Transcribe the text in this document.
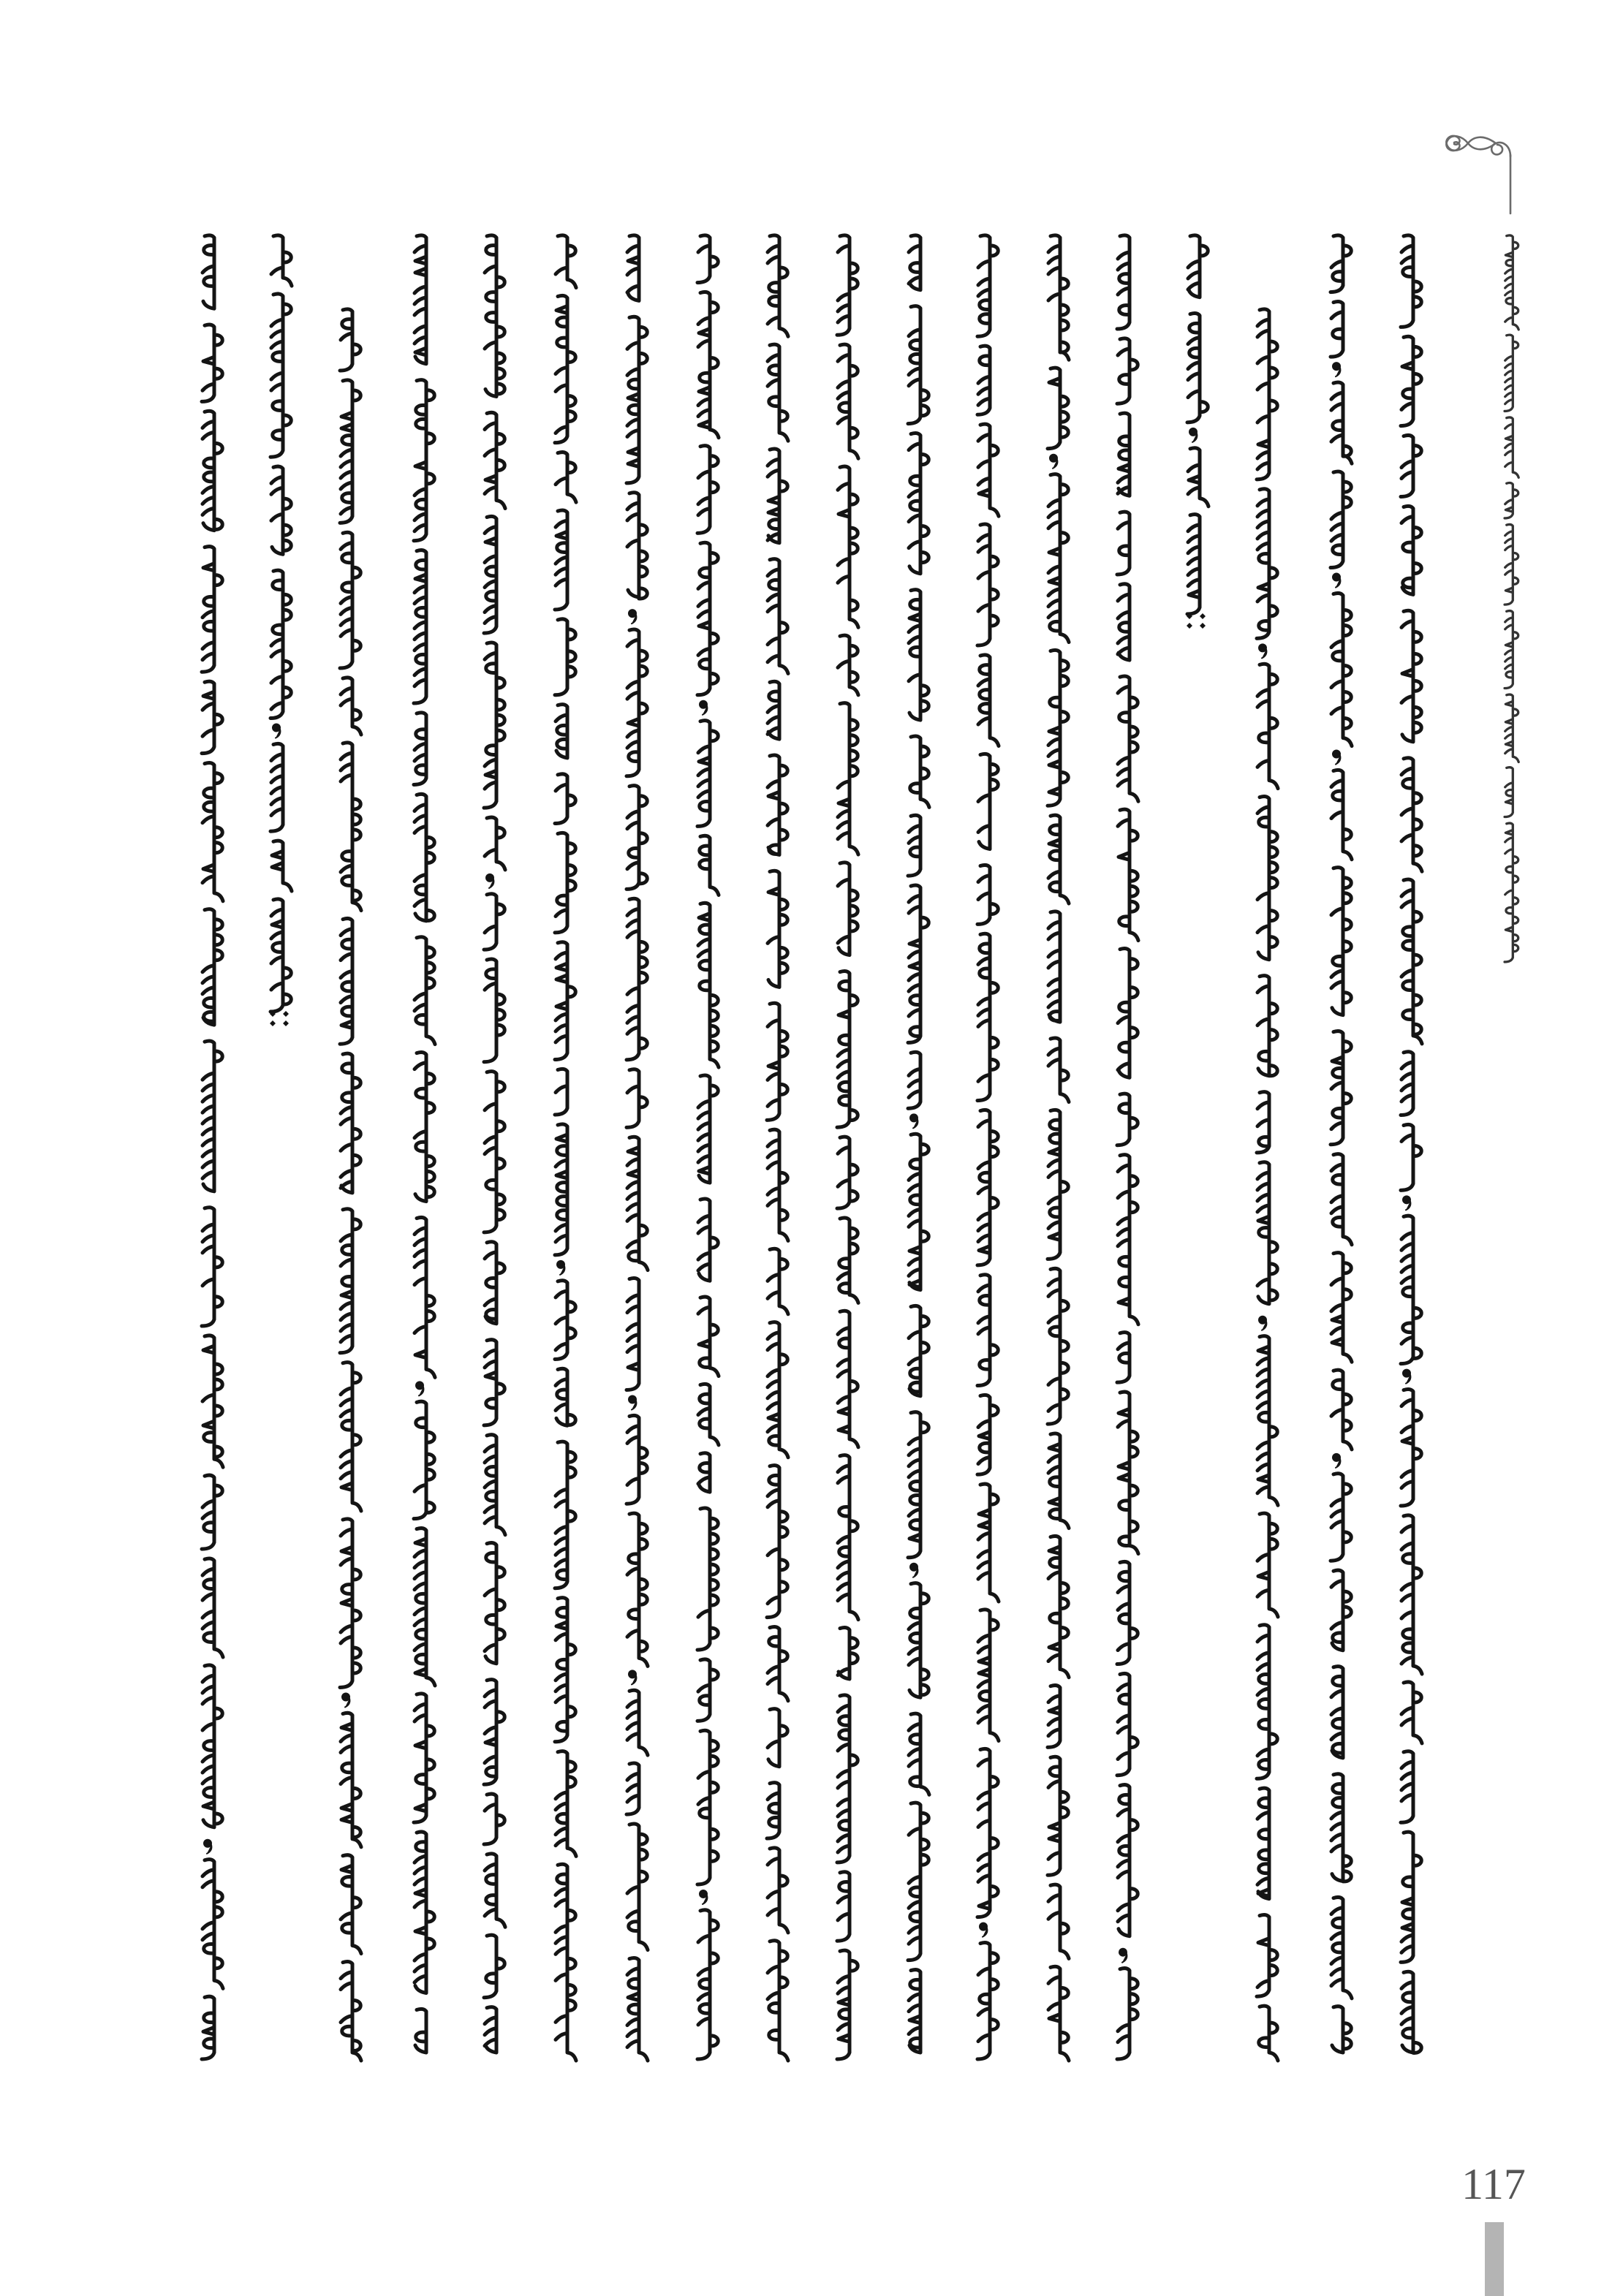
117
